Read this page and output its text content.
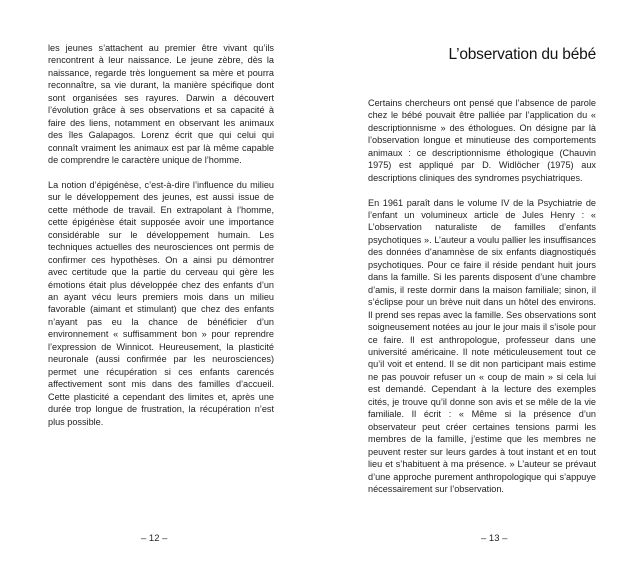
les jeunes s’attachent au premier être vivant qu’ils rencontrent à leur naissance. Le jeune zèbre, dès la naissance, regarde très longuement sa mère et pourra reconnaître, sa vie durant, la manière spécifique dont sont organisées ses rayures. Darwin a découvert l’évolution grâce à ses observations et sa capacité à faire des liens, notamment en observant les animaux des îles Galapagos. Lorenz écrit que qui celui qui connaît vraiment les animaux est par là même capable de comprendre le caractère unique de l’homme.

La notion d’épigénèse, c’est-à-dire l’influence du milieu sur le développement des jeunes, est aussi issue de cette méthode de travail. En extrapolant à l’homme, cette épigénèse était supposée avoir une importance considérable sur le développement humain. Les techniques actuelles des neurosciences ont permis de confirmer ces hypothèses. On a ainsi pu démontrer avec certitude que la partie du cerveau qui gère les émotions était plus développée chez des enfants d’un an ayant vécu leurs premiers mois dans un milieu favorable (aimant et stimulant) que chez des enfants n’ayant pas eu la chance de bénéficier d’un environnement « suffisamment bon » pour reprendre l’expression de Winnicot. Heureusement, la plasticité neuronale (aussi confirmée par les neurosciences) permet une récupération si ces enfants carencés affectivement sont mis dans des familles d’accueil. Cette plasticité a cependant des limites et, après une durée trop longue de frustration, la récupération n’est plus possible.

– 12 –
L’observation du bébé

Certains chercheurs ont pensé que l’absence de parole chez le bébé pouvait être palliée par l’application du « descriptionnisme » des éthologues. On désigne par là l’observation longue et minutieuse des comportements animaux : ce descriptionnisme éthologique (Chauvin 1975) est appliqué par D. Widlöcher (1975) aux descriptions cliniques des syndromes psychiatriques.

En 1961 paraît dans le volume IV de la Psychiatrie de l’enfant un volumineux article de Jules Henry : « L’observation naturaliste de familles d’enfants psychotiques ». L’auteur a voulu pallier les insuffisances des données d’anamnèse de six enfants diagnostiqués psychotiques. Pour ce faire il réside pendant huit jours dans la famille. Si les parents disposent d’une chambre d’amis, il reste dormir dans la maison familiale; sinon, il s’éclipse pour un brève nuit dans un hôtel des environs. Il prend ses repas avec la famille. Ses observations sont soigneusement notées au jour le jour mais il s’isole pour ce faire. Il est anthropologue, professeur dans une université américaine. Il note méticuleusement tout ce qu’il voit et entend. Il se dit non participant mais estime ne pas pouvoir refuser un « coup de main » si cela lui est demandé. Cependant à la lecture des exemples cités, je trouve qu’il donne son avis et se mêle de la vie familiale. Il écrit : « Même si la présence d’un observateur peut créer certaines tensions parmi les membres de la famille, j’estime que les membres ne peuvent rester sur leurs gardes à tout instant et en tout lieu et s’habituent à ma présence. » L’auteur se prévaut d’une approche purement anthropologique qui s’appuye nécessairement sur l’observation.

– 13 –
